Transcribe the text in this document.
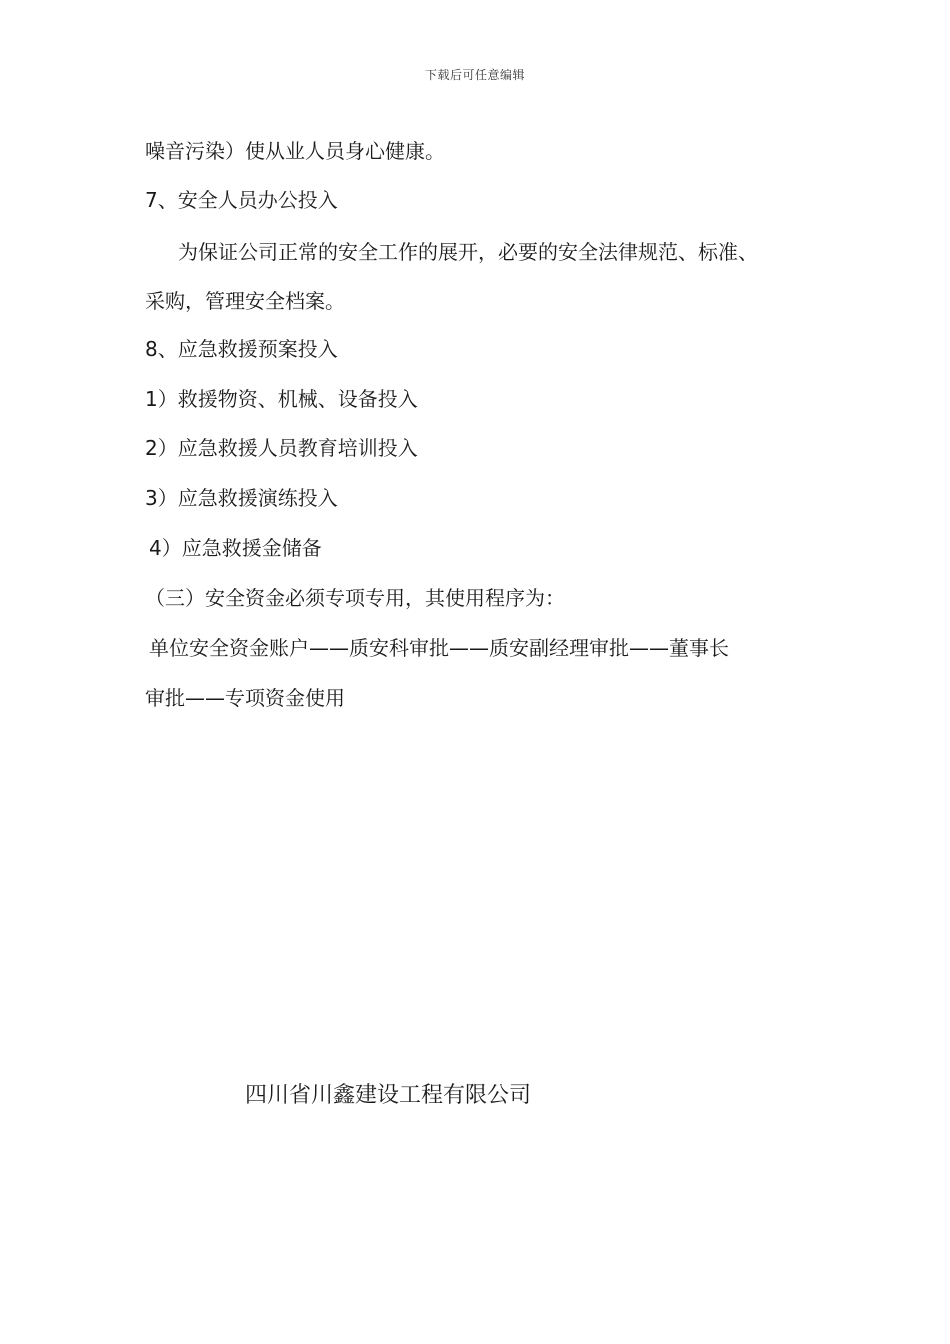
下载后可任意编辑
噪音污染）使从业人员身心健康。
7、安全人员办公投入
为保证公司正常的安全工作的展开，必要的安全法律规范、标准、
采购，管理安全档案。
8、应急救援预案投入
1）救援物资、机械、设备投入
2）应急救援人员教育培训投入
3）应急救援演练投入
4）应急救援金储备
（三）安全资金必须专项专用，其使用程序为：
单位安全资金账户——质安科审批——质安副经理审批——董事长
审批——专项资金使用
四川省川鑫建设工程有限公司
